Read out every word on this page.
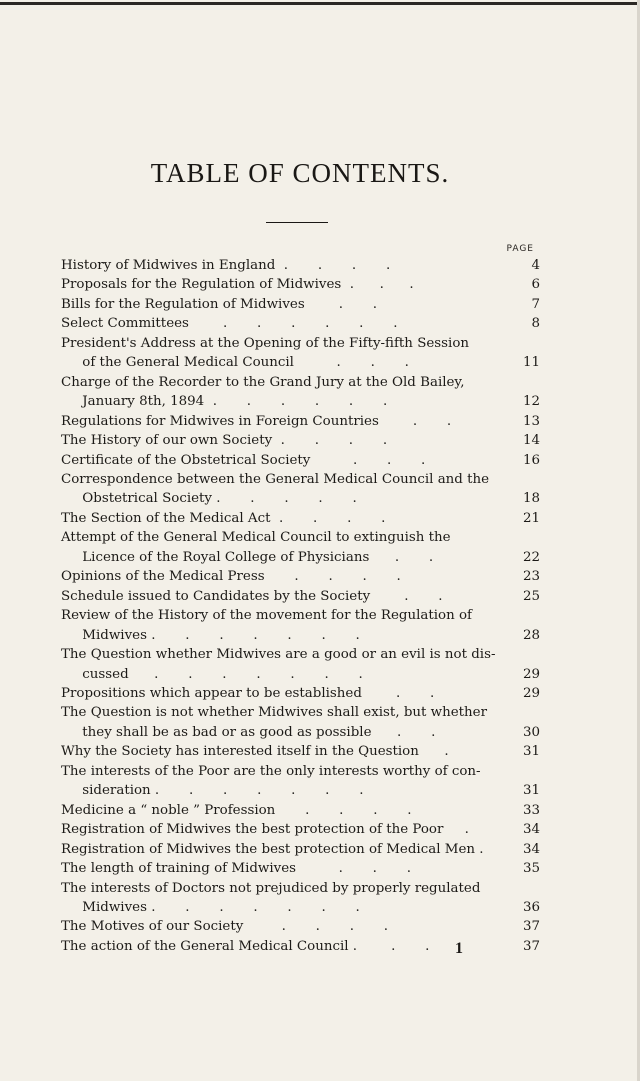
TABLE OF CONTENTS.
PAGE
History of Midwives in England  .       .       .       .	4
Proposals for the Regulation of Midwives  .      .      .	6
Bills for the Regulation of Midwives        .       .	7
Select Committees        .       .       .       .       .       .	8
President's Address at the Opening of the Fifty-fifth Session
of the General Medical Council          .       .       .	11
Charge of the Recorder to the Grand Jury at the Old Bailey,
January 8th, 1894  .       .       .       .       .       .	12
Regulations for Midwives in Foreign Countries        .       .	13
The History of our own Society  .       .       .       .	14
Certificate of the Obstetrical Society          .       .       .	16
Correspondence between the General Medical Council and the
Obstetrical Society .       .       .       .       .	18
The Section of the Medical Act  .       .       .       .	21
Attempt of the General Medical Council to extinguish the
Licence of the Royal College of Physicians      .       .	22
Opinions of the Medical Press       .       .       .       .	23
Schedule issued to Candidates by the Society        .       .	25
Review of the History of the movement for the Regulation of
Midwives .       .       .       .       .       .       .	28
The Question whether Midwives are a good or an evil is not dis-
cussed      .       .       .       .       .       .       .	29
Propositions which appear to be established        .       .	29
The Question is not whether Midwives shall exist, but whether
they shall be as bad or as good as possible      .       .	30
Why the Society has interested itself in the Question      .	31
The interests of the Poor are the only interests worthy of con-
sideration .       .       .       .       .       .       .	31
Medicine a “ noble ” Profession       .       .       .       .	33
Registration of Midwives the best protection of the Poor     .	34
Registration of Midwives the best protection of Medical Men .	34
The length of training of Midwives          .       .       .	35
The interests of Doctors not prejudiced by properly regulated
Midwives .       .       .       .       .       .       .	36
The Motives of our Society         .       .       .       .	37
The action of the General Medical Council .        .       .	37
1
